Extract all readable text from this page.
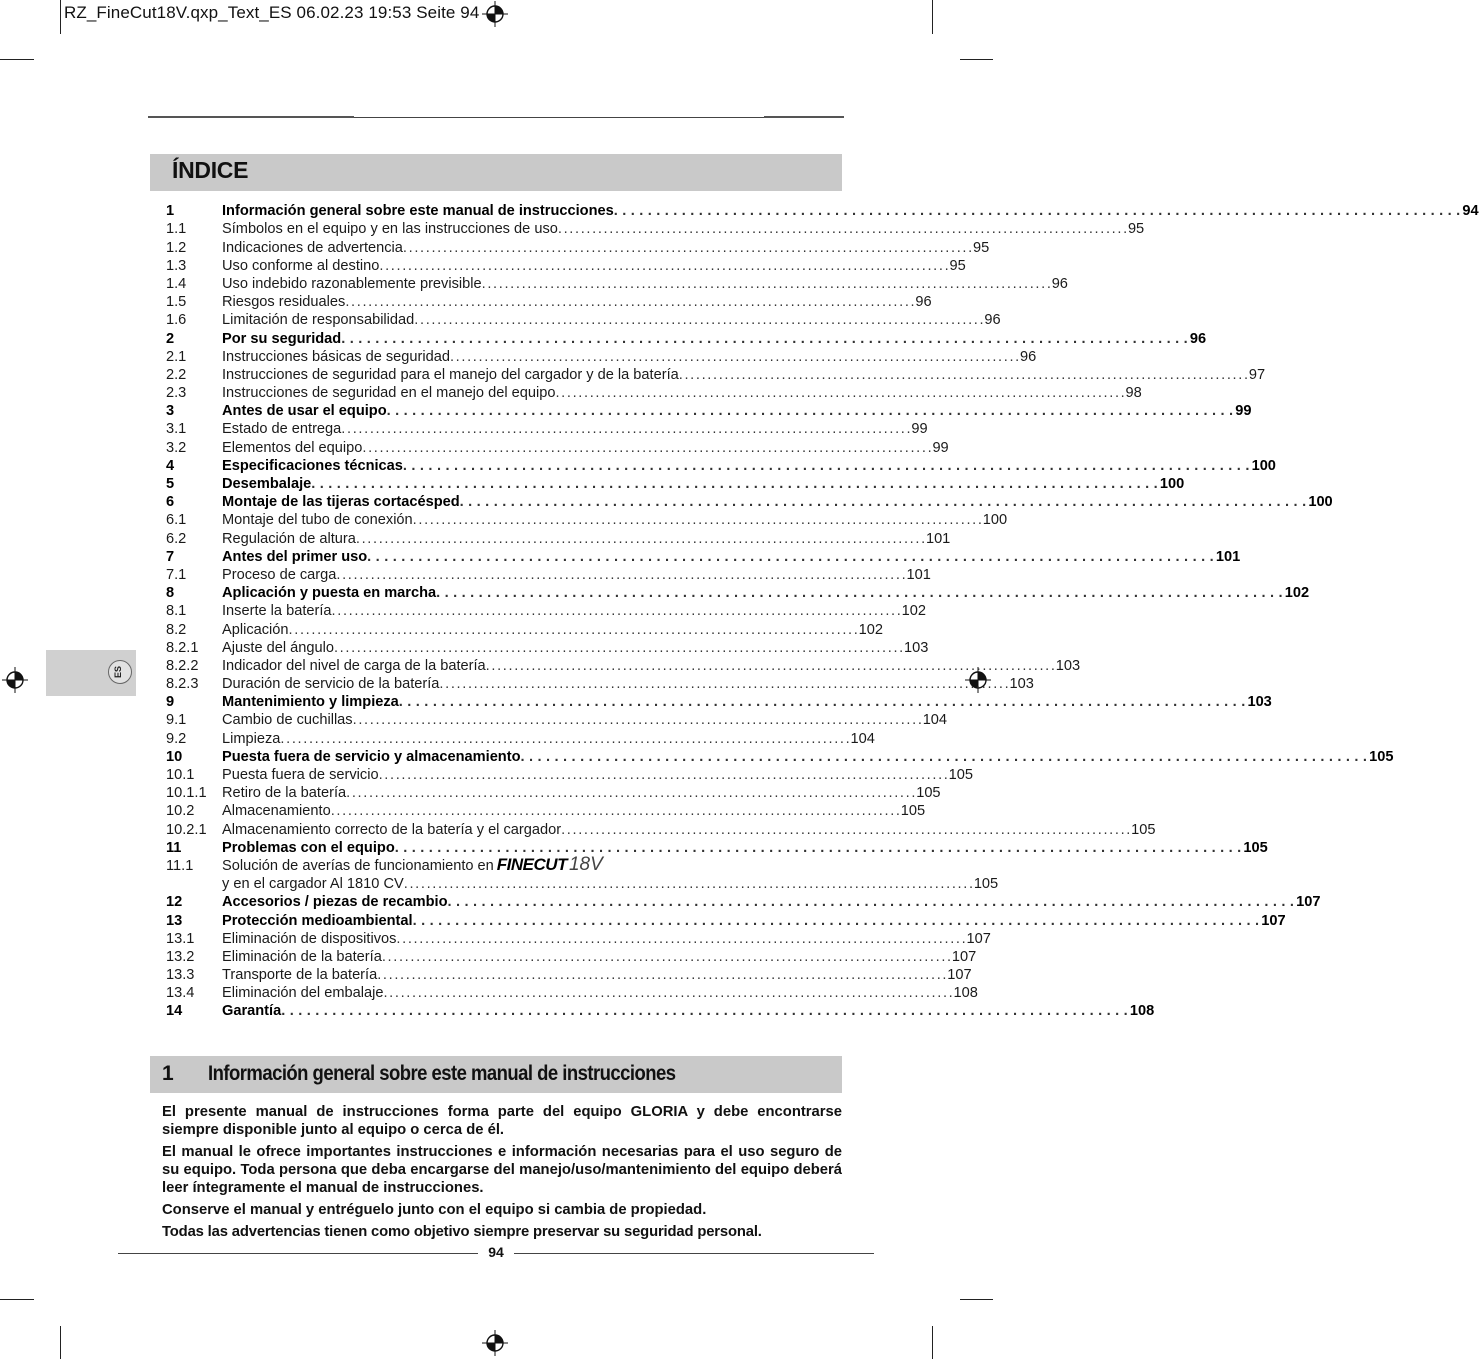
RZ_FineCut18V.qxp_Text_ES 06.02.23 19:53 Seite 94
ÍNDICE
ES
1	Información general sobre este manual de instrucciones . . .	94
1.1	Símbolos en el equipo y en las instrucciones de uso . . .	95
1.2	Indicaciones de advertencia . . .	95
1.3	Uso conforme al destino . . .	95
1.4	Uso indebido razonablemente previsible . . .	96
1.5	Riesgos residuales . . .	96
1.6	Limitación de responsabilidad . . .	96
2	Por su seguridad . . .	96
2.1	Instrucciones básicas de seguridad . . .	96
2.2	Instrucciones de seguridad para el manejo del cargador y de la batería . . .	97
2.3	Instrucciones de seguridad en el manejo del equipo . . .	98
3	Antes de usar el equipo . . .	99
3.1	Estado de entrega . . .	99
3.2	Elementos del equipo . . .	99
4	Especificaciones técnicas . . .	100
5	Desembalaje . . .	100
6	Montaje de las tijeras cortacésped . . .	100
6.1	Montaje del tubo de conexión . . .	100
6.2	Regulación de altura . . .	101
7	Antes del primer uso . . .	101
7.1	Proceso de carga . . .	101
8	Aplicación y puesta en marcha . . .	102
8.1	Inserte la batería . . .	102
8.2	Aplicación . . .	102
8.2.1	Ajuste del ángulo . . .	103
8.2.2	Indicador del nivel de carga de la batería . . .	103
8.2.3	Duración de servicio de la batería . . .	103
9	Mantenimiento y limpieza . . .	103
9.1	Cambio de cuchillas . . .	104
9.2	Limpieza . . .	104
10	Puesta fuera de servicio y almacenamiento . . .	105
10.1	Puesta fuera de servicio . . .	105
10.1.1	Retiro de la batería . . .	105
10.2	Almacenamiento . . .	105
10.2.1	Almacenamiento correcto de la batería y el cargador . . .	105
11	Problemas con el equipo . . .	105
11.1	Solución de averías de funcionamiento en FINECUT 18V
y en el cargador Al 1810 CV . . .	105
12	Accesorios / piezas de recambio . . .	107
13	Protección medioambiental . . .	107
13.1	Eliminación de dispositivos . . .	107
13.2	Eliminación de la batería . . .	107
13.3	Transporte de la batería . . .	107
13.4	Eliminación del embalaje . . .	108
14	Garantía . . .	108
1 Información general sobre este manual de instrucciones

El presente manual de instrucciones forma parte del equipo GLORIA y debe encontrarse siempre disponible junto al equipo o cerca de él.

El manual le ofrece importantes instrucciones e información necesarias para el uso seguro de su equipo. Toda persona que deba encargarse del manejo/uso/mantenimiento del equipo deberá leer íntegramente el manual de instrucciones.

Conserve el manual y entréguelo junto con el equipo si cambia de propiedad.

Todas las advertencias tienen como objetivo siempre preservar su seguridad personal.

94
